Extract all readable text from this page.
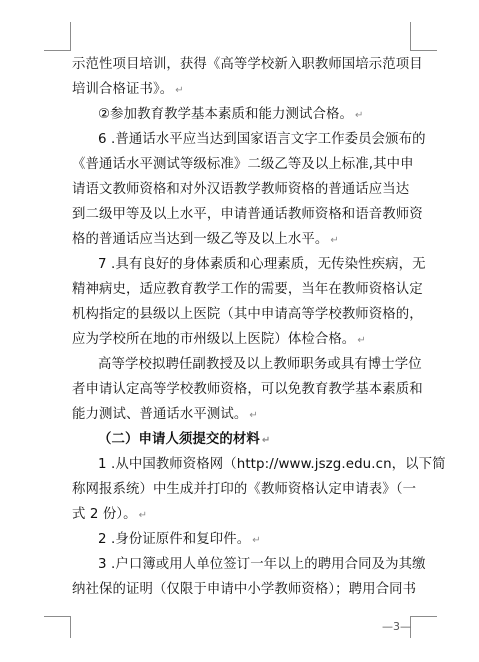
示范性项目培训，获得《高等学校新入职教师国培示范项目
培训合格证书》。 ↵
②参加教育教学基本素质和能力测试合格。 ↵
6 .普通话水平应当达到国家语言文字工作委员会颁布的
《普通话水平测试等级标准》二级乙等及以上标准,其中申
请语文教师资格和对外汉语教学教师资格的普通话应当达
到二级甲等及以上水平，申请普通话教师资格和语音教师资
格的普通话应当达到一级乙等及以上水平。 ↵
7 .具有良好的身体素质和心理素质，无传染性疾病，无
精神病史，适应教育教学工作的需要，当年在教师资格认定
机构指定的县级以上医院（其中申请高等学校教师资格的，
应为学校所在地的市州级以上医院）体检合格。 ↵
高等学校拟聘任副教授及以上教师职务或具有博士学位
者申请认定高等学校教师资格，可以免教育教学基本素质和
能力测试、普通话水平测试。 ↵
（二）申请人须提交的材料 ↵
1 .从中国教师资格网（http://www.jszg.edu.cn，以下简
称网报系统）中生成并打印的《教师资格认定申请表》（一
式 2 份）。 ↵
2 .身份证原件和复印件。 ↵
3 .户口簿或用人单位签订一年以上的聘用合同及为其缴
纳社保的证明（仅限于申请中小学教师资格）；聘用合同书
—3—
